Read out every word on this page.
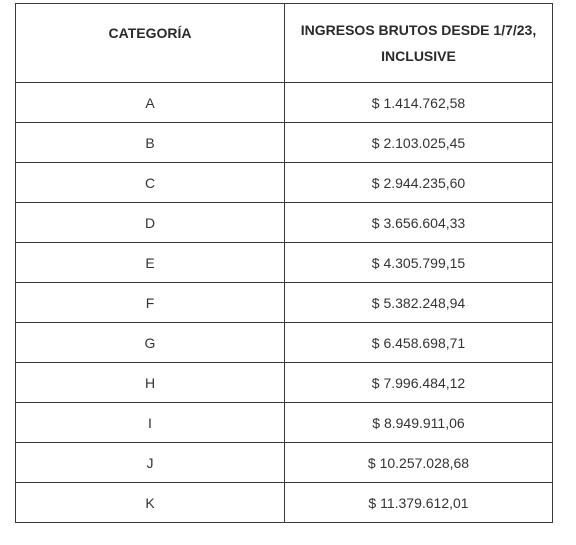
CATEGORÍA	INGRESOS BRUTOS DESDE 1/7/23, INCLUSIVE
A	$ 1.414.762,58
B	$ 2.103.025,45
C	$ 2.944.235,60
D	$ 3.656.604,33
E	$ 4.305.799,15
F	$ 5.382.248,94
G	$ 6.458.698,71
H	$ 7.996.484,12
I	$ 8.949.911,06
J	$ 10.257.028,68
K	$ 11.379.612,01
